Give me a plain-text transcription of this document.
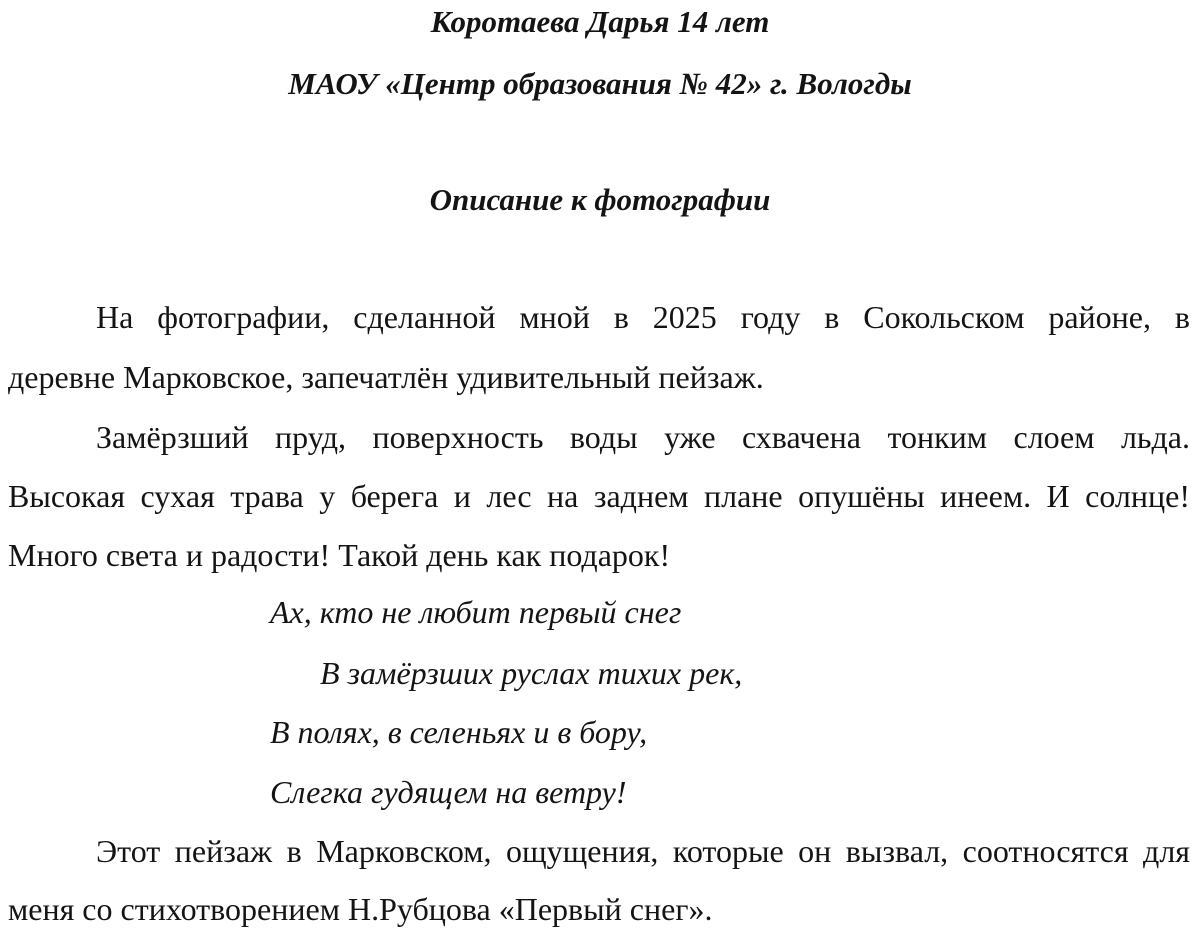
Коротаева Дарья 14 лет
МАОУ «Центр образования № 42» г. Вологды
Описание к фотографии
На фотографии, сделанной мной в 2025 году в Сокольском районе, в
деревне Марковское, запечатлён удивительный пейзаж.
Замёрзший пруд, поверхность воды уже схвачена тонким слоем льда.
Высокая сухая трава у берега и лес на заднем плане опушёны инеем. И солнце!
Много света и радости! Такой день как подарок!
Ах, кто не любит первый снег
В замёрзших руслах тихих рек,
В полях, в селеньях и в бору,
Слегка гудящем на ветру!
Этот пейзаж в Марковском, ощущения, которые он вызвал, соотносятся для
меня со стихотворением Н.Рубцова «Первый снег».
